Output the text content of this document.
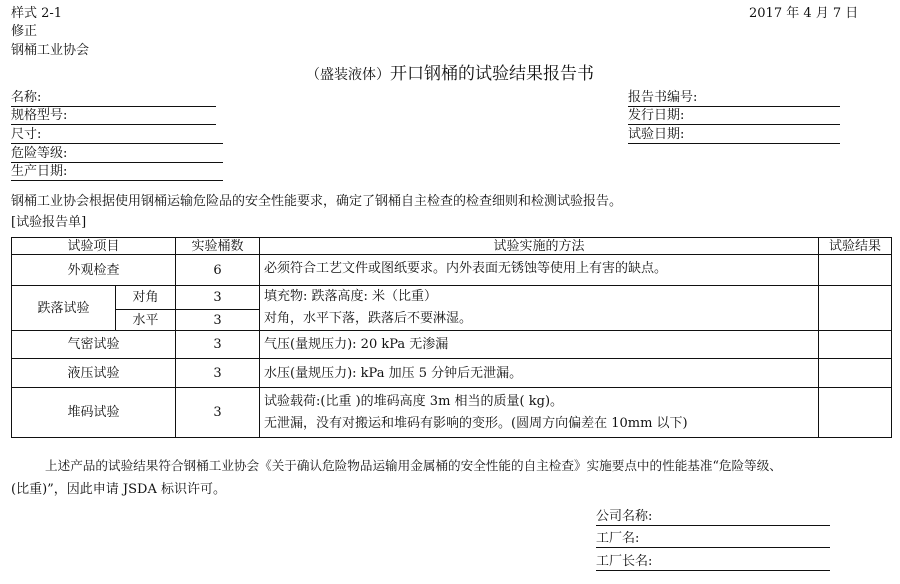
样式 2-1
修正
钢桶工业协会
2017 年 4 月 7 日
（盛装液体）开口钢桶的试验结果报告书
名称:
规格型号:
尺寸:
危险等级:
生产日期:
报告书编号:
发行日期:
试验日期:
钢桶工业协会根据使用钢桶运输危险品的安全性能要求，确定了钢桶自主检查的检查细则和检测试验报告。
[试验报告单]
试验项目		实验桶数	试验实施的方法	试验结果
外观检查		6	必须符合工艺文件或图纸要求。内外表面无锈蚀等使用上有害的缺点。	
跌落试验	对角	3	填充物: 跌落高度: 米（比重）
对角，水平下落，跌落后不要淋湿。	

	水平	3		
气密试验		3	气压(量规压力): 20 kPa 无渗漏	
液压试验		3	水压(量规压力): kPa 加压 5 分钟后无泄漏。	
堆码试验		3	试验载荷:(比重 )的堆码高度 3m 相当的质量( kg)。
无泄漏，没有对搬运和堆码有影响的变形。(圆周方向偏差在 10mm 以下)	

上述产品的试验结果符合钢桶工业协会《关于确认危险物品运输用金属桶的安全性能的自主检查》实施要点中的性能基准“危险等级、
(比重)”，因此申请 JSDA 标识许可。
公司名称:
工厂名:
工厂长名:
